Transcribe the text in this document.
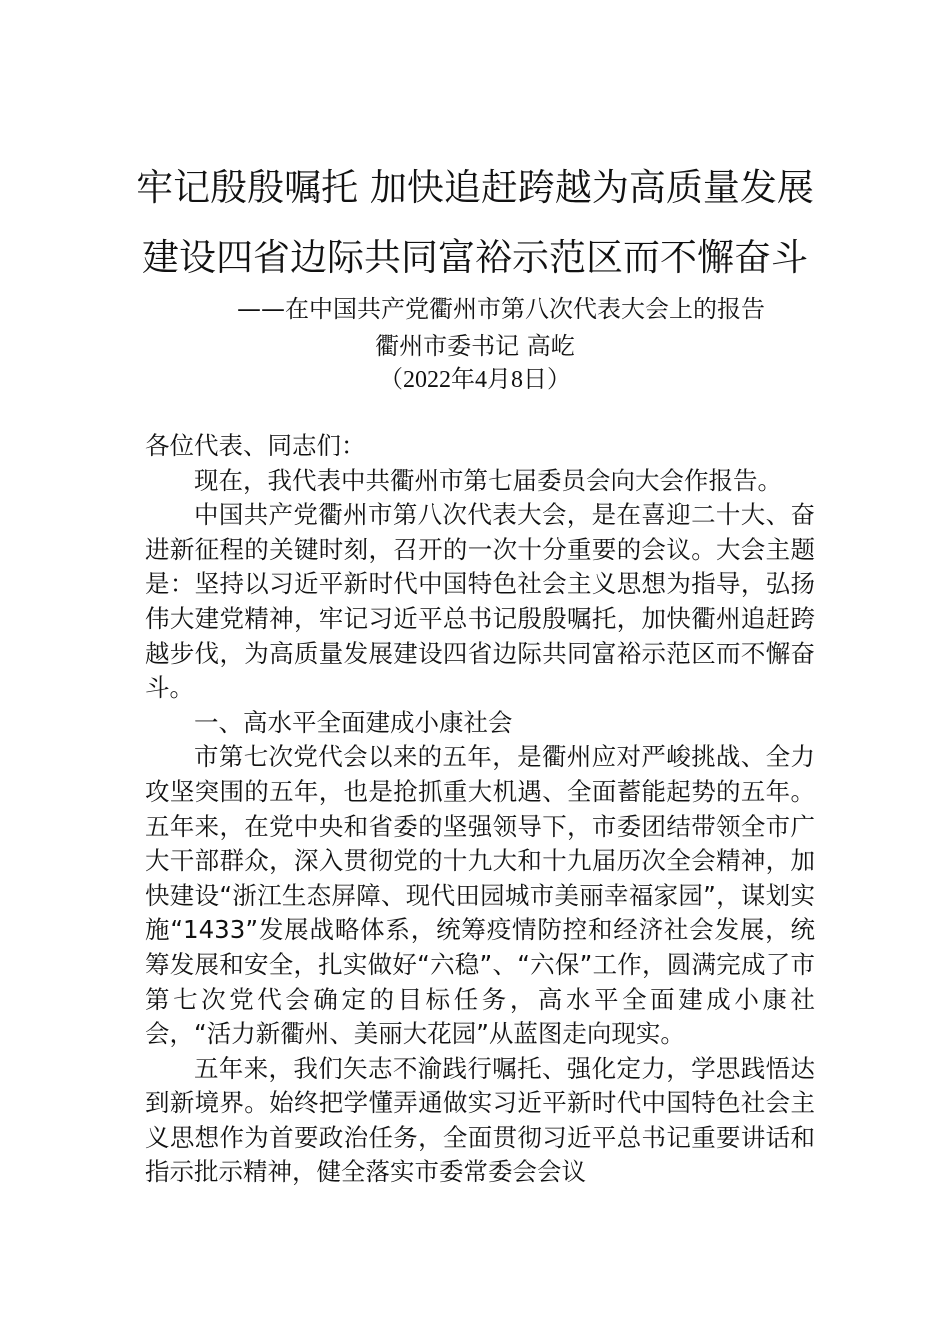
牢记殷殷嘱托 加快追赶跨越为高质量发展
建设四省边际共同富裕示范区而不懈奋斗
——在中国共产党衢州市第八次代表大会上的报告
衢州市委书记 高屹
（2022年4月8日）

各位代表、同志们：

现在，我代表中共衢州市第七届委员会向大会作报告。

中国共产党衢州市第八次代表大会，是在喜迎二十大、奋进新征程的关键时刻，召开的一次十分重要的会议。大会主题是：坚持以习近平新时代中国特色社会主义思想为指导，弘扬伟大建党精神，牢记习近平总书记殷殷嘱托，加快衢州追赶跨越步伐，为高质量发展建设四省边际共同富裕示范区而不懈奋斗。

一、高水平全面建成小康社会

市第七次党代会以来的五年，是衢州应对严峻挑战、全力攻坚突围的五年，也是抢抓重大机遇、全面蓄能起势的五年。五年来，在党中央和省委的坚强领导下，市委团结带领全市广大干部群众，深入贯彻党的十九大和十九届历次全会精神，加快建设“浙江生态屏障、现代田园城市美丽幸福家园”，谋划实施“1433”发展战略体系，统筹疫情防控和经济社会发展，统筹发展和安全，扎实做好“六稳”、“六保”工作，圆满完成了市第七次党代会确定的目标任务，高水平全面建成小康社会，“活力新衢州、美丽大花园”从蓝图走向现实。

五年来，我们矢志不渝践行嘱托、强化定力，学思践悟达到新境界。始终把学懂弄通做实习近平新时代中国特色社会主义思想作为首要政治任务，全面贯彻习近平总书记重要讲话和指示批示精神，健全落实市委常委会会议
